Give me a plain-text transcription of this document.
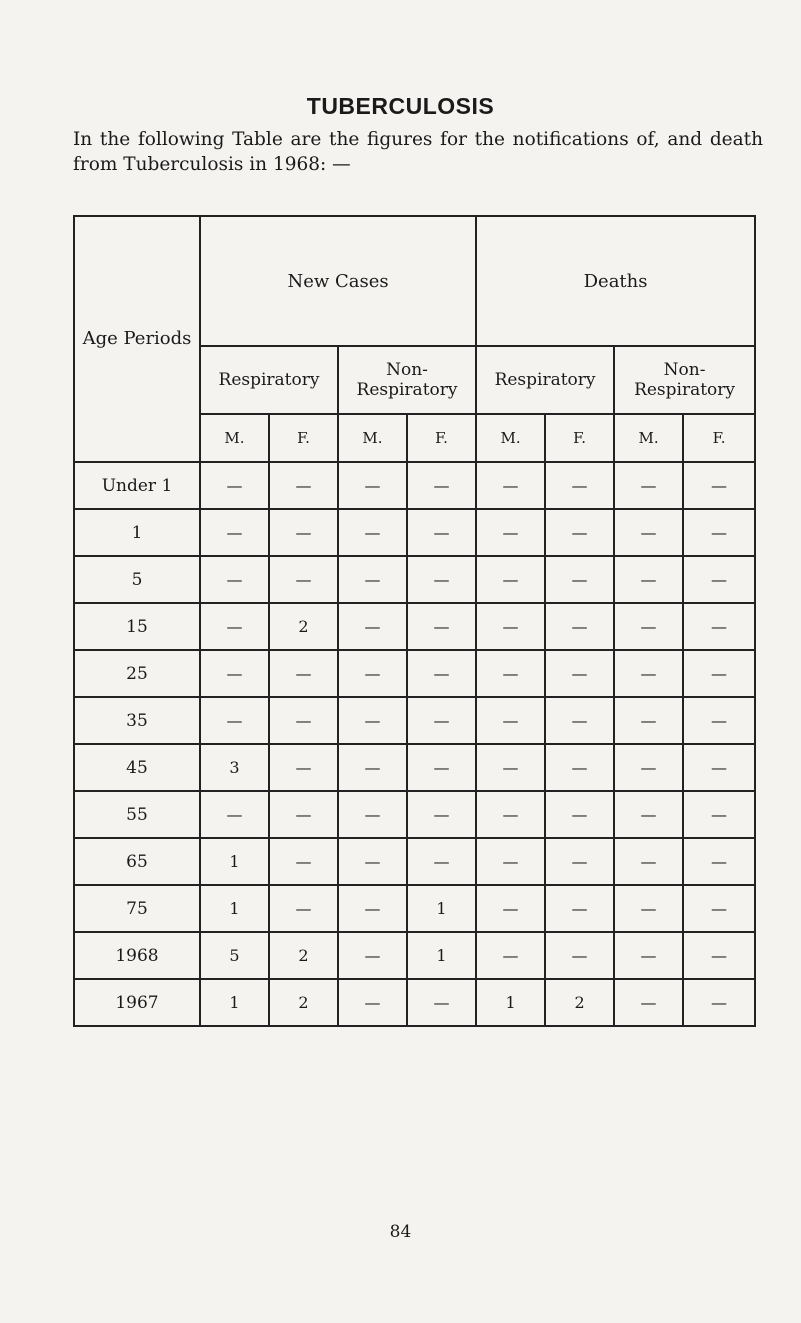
TUBERCULOSIS
In the following Table are the figures for the notifications of, and death from Tuberculosis in 1968: —
Age Periods	New Cases				Deaths			
	Respiratory		Non-Respiratory		Respiratory		Non-Respiratory	
	M.	F.	M.	F.	M.	F.	M.	F.
Under 1	—	—	—	—	—	—	—	—
1	—	—	—	—	—	—	—	—
5	—	—	—	—	—	—	—	—
15	—	2	—	—	—	—	—	—
25	—	—	—	—	—	—	—	—
35	—	—	—	—	—	—	—	—
45	3	—	—	—	—	—	—	—
55	—	—	—	—	—	—	—	—
65	1	—	—	—	—	—	—	—
75	1	—	—	1	—	—	—	—
1968	5	2	—	1	—	—	—	—
1967	1	2	—	—	1	2	—	—
84
